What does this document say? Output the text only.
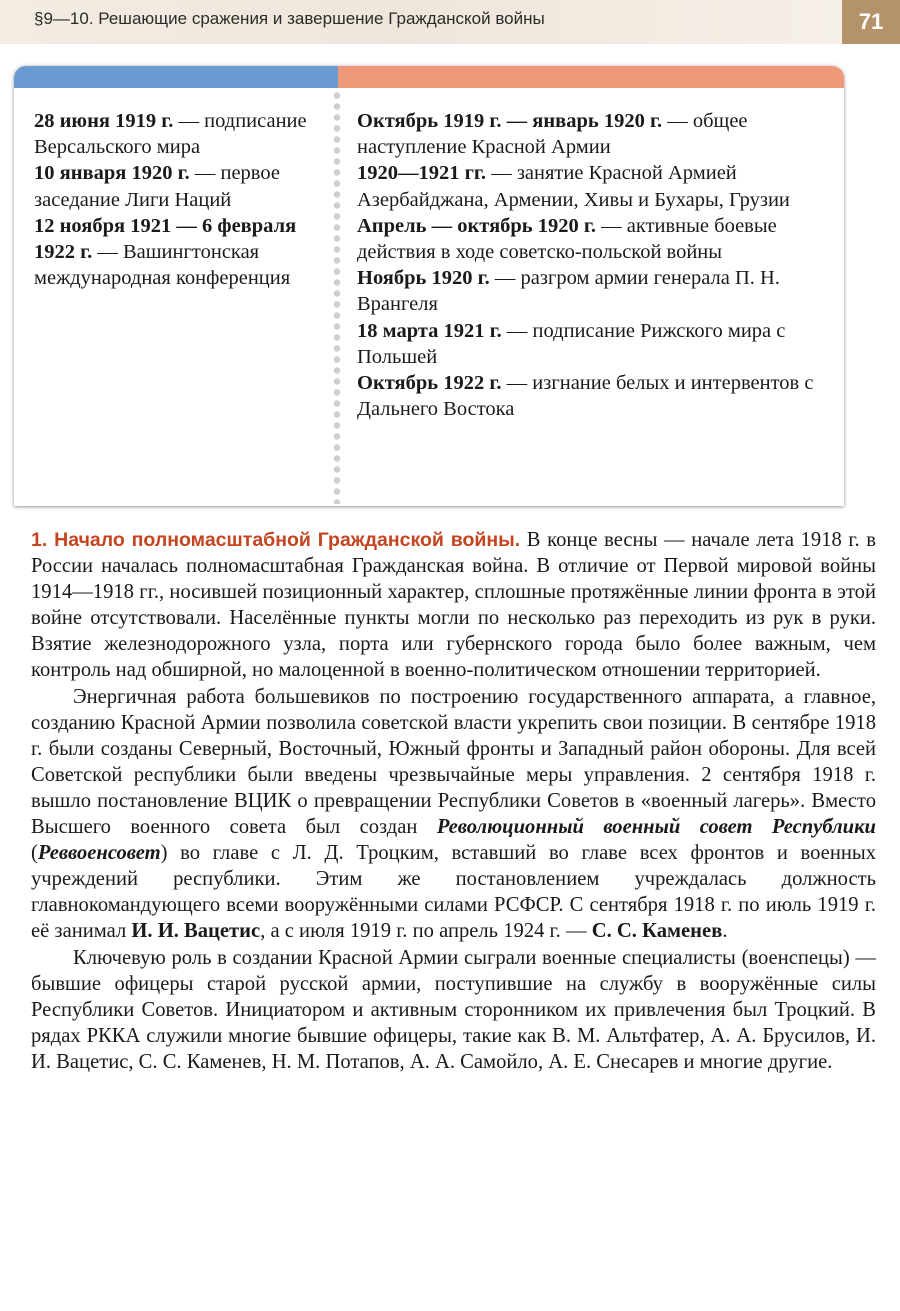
§9—10. Решающие сражения и завершение Гражданской войны	71
28 июня 1919 г. — подписание Версальского мира
10 января 1920 г. — первое заседание Лиги Наций
12 ноября 1921 — 6 февраля 1922 г. — Вашингтонская международная конференция
Октябрь 1919 г. — январь 1920 г. — общее наступление Красной Армии
1920—1921 гг. — занятие Красной Армией Азербайджана, Армении, Хивы и Бухары, Грузии
Апрель — октябрь 1920 г. — активные боевые действия в ходе советско-польской войны
Ноябрь 1920 г. — разгром армии генерала П. Н. Врангеля
18 марта 1921 г. — подписание Рижского мира с Польшей
Октябрь 1922 г. — изгнание белых и интервентов с Дальнего Востока

1. Начало полномасштабной Гражданской войны. В конце весны — начале лета 1918 г. в России началась полномасштабная Гражданская война. В отличие от Первой мировой войны 1914—1918 гг., носившей позиционный характер, сплошные протяжённые линии фронта в этой войне отсутствовали. Населённые пункты могли по несколько раз переходить из рук в руки. Взятие железнодорожного узла, порта или губернского города было более важным, чем контроль над обширной, но малоценной в военно-политическом отношении территорией.

Энергичная работа большевиков по построению государственного аппарата, а главное, созданию Красной Армии позволила советской власти укрепить свои позиции. В сентябре 1918 г. были созданы Северный, Восточный, Южный фронты и Западный район обороны. Для всей Советской республики были введены чрезвычайные меры управления. 2 сентября 1918 г. вышло постановление ВЦИК о превращении Республики Советов в «военный лагерь». Вместо Высшего военного совета был создан Революционный военный совет Республики (Реввоенсовет) во главе с Л. Д. Троцким, вставший во главе всех фронтов и военных учреждений республики. Этим же постановлением учреждалась должность главнокомандующего всеми вооружёнными силами РСФСР. С сентября 1918 г. по июль 1919 г. её занимал И. И. Вацетис, а с июля 1919 г. по апрель 1924 г. — С. С. Каменев.

Ключевую роль в создании Красной Армии сыграли военные специалисты (военспецы) — бывшие офицеры старой русской армии, поступившие на службу в вооружённые силы Республики Советов. Инициатором и активным сторонником их привлечения был Троцкий. В рядах РККА служили многие бывшие офицеры, такие как В. М. Альтфатер, А. А. Брусилов, И. И. Вацетис, С. С. Каменев, Н. М. Потапов, А. А. Самойло, А. Е. Снесарев и многие другие.
